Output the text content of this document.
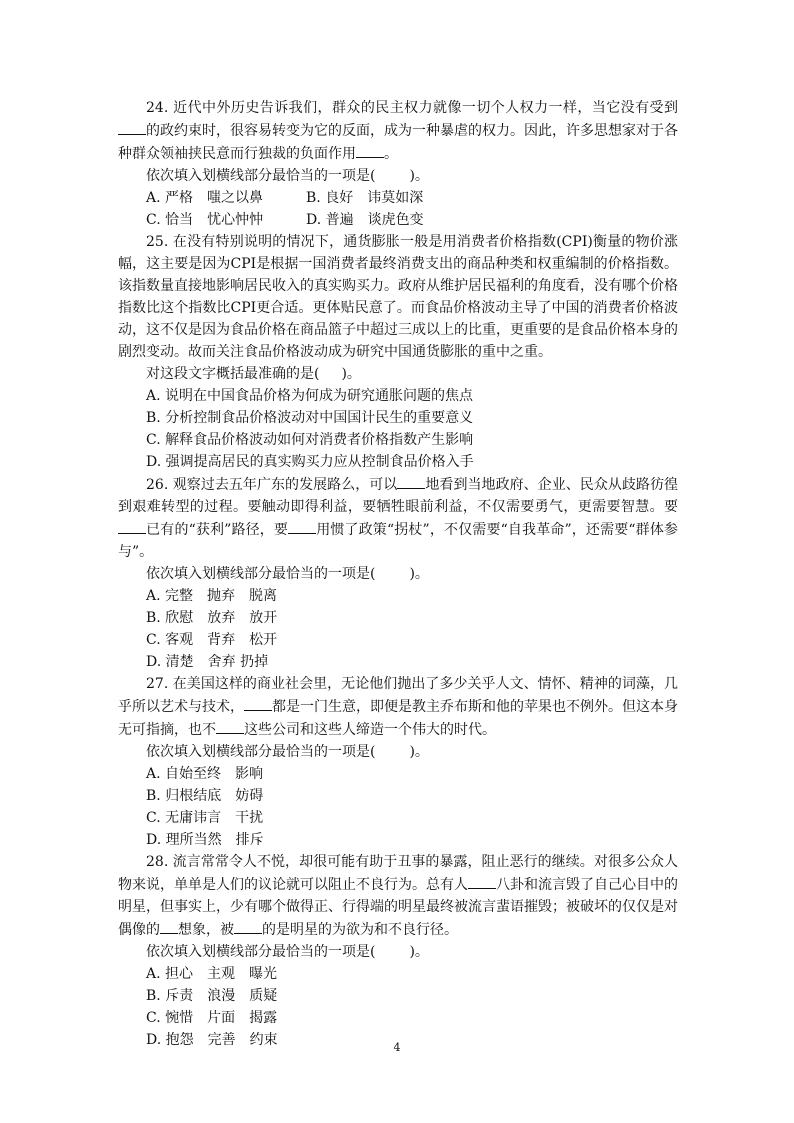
24. 近代中外历史告诉我们，群众的民主权力就像一切个人权力一样，当它没有受到的政约束时，很容易转变为它的反面，成为一种暴虐的权力。因此，许多思想家对于各种群众领袖挟民意而行独裁的负面作用 。

依次填入划横线部分最恰当的一项是( )。

A. 严格　嗤之以鼻	B. 良好　讳莫如深
C. 恰当　忧心忡忡	D. 普遍　谈虎色变

25. 在没有特别说明的情况下，通货膨胀一般是用消费者价格指数(CPI)衡量的物价涨幅，这主要是因为CPI是根据一国消费者最终消费支出的商品种类和权重编制的价格指数。该指数量直接地影响居民收入的真实购买力。政府从维护居民福利的角度看，没有哪个价格指数比这个指数比CPI更合适。更体贴民意了。而食品价格波动主导了中国的消费者价格波动，这不仅是因为食品价格在商品篮子中超过三成以上的比重，更重要的是食品价格本身的剧烈变动。故而关注食品价格波动成为研究中国通货膨胀的重中之重。

对这段文字概括最准确的是( )。

A. 说明在中国食品价格为何成为研究通胀问题的焦点
B. 分析控制食品价格波动对中国国计民生的重要意义
C. 解释食品价格波动如何对消费者价格指数产生影响
D. 强调提高居民的真实购买力应从控制食品价格入手

26. 观察过去五年广东的发展路么，可以 地看到当地政府、企业、民众从歧路彷徨到艰难转型的过程。要触动即得利益，要牺牲眼前利益，不仅需要勇气，更需要智慧。要已有的“获利”路径，要 用惯了政策“拐杖”，不仅需要“自我革命”，还需要“群体参与”。

依次填入划横线部分最恰当的一项是( )。

A. 完整　抛弃　脱离
B. 欣慰　放弃　放开
C. 客观　背弃　松开
D. 清楚　舍弃 扔掉

27. 在美国这样的商业社会里，无论他们抛出了多少关乎人文、情怀、精神的词藻，几乎所以艺术与技术， 都是一门生意，即便是教主乔布斯和他的苹果也不例外。但这本身无可指摘，也不 这些公司和这些人缔造一个伟大的时代。

依次填入划横线部分最恰当的一项是( )。

A. 自始至终　影响
B. 归根结底　妨碍
C. 无庸讳言　干扰
D. 理所当然　排斥

28. 流言常常令人不悦，却很可能有助于丑事的暴露，阻止恶行的继续。对很多公众人物来说，单单是人们的议论就可以阻止不良行为。总有人 八卦和流言毁了自己心目中的明星，但事实上，少有哪个做得正、行得端的明星最终被流言蜚语摧毁；被破坏的仅仅是对偶像的 想象，被 的是明星的为欲为和不良行径。

依次填入划横线部分最恰当的一项是( )。

A. 担心　主观　曝光
B. 斥责　浪漫　质疑
C. 惋惜　片面　揭露
D. 抱怨　完善　约束	4
